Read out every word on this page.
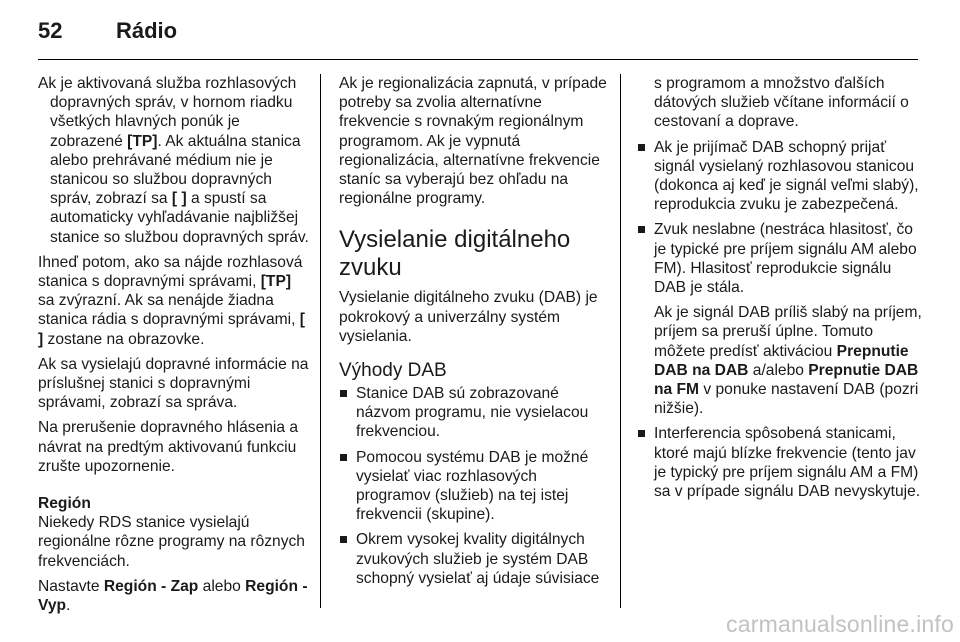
52 Rádio

Ak je aktivovaná služba rozhlasových dopravných správ, v hornom riadku všetkých hlavných ponúk je zobrazené [TP]. Ak aktuálna stanica alebo prehrávané médium nie je stanicou so službou dopravných správ, zobrazí sa [ ] a spustí sa automaticky vyhľadávanie najbližšej stanice so službou dopravných správ.

Ihneď potom, ako sa nájde rozhlasová stanica s dopravnými správami, [TP] sa zvýrazní. Ak sa nenájde žiadna stanica rádia s dopravnými správami, [ ] zostane na obrazovke.

Ak sa vysielajú dopravné informácie na príslušnej stanici s dopravnými správami, zobrazí sa správa.

Na prerušenie dopravného hlásenia a návrat na predtým aktivovanú funkciu zrušte upozornenie.

Región

Niekedy RDS stanice vysielajú regionálne rôzne programy na rôznych frekvenciách.

Nastavte Región - Zap alebo Región - Vyp.

Ak je regionalizácia zapnutá, v prípade potreby sa zvolia alternatívne frekvencie s rovnakým regionálnym programom. Ak je vypnutá regionalizácia, alternatívne frekvencie staníc sa vyberajú bez ohľadu na regionálne programy.

Vysielanie digitálneho zvuku

Vysielanie digitálneho zvuku (DAB) je pokrokový a univerzálny systém vysielania.

Výhody DAB
Stanice DAB sú zobrazované názvom programu, nie vysielacou frekvenciou.
Pomocou systému DAB je možné vysielať viac rozhlasových programov (služieb) na tej istej frekvencii (skupine).
Okrem vysokej kvality digitálnych zvukových služieb je systém DAB schopný vysielať aj údaje súvisiace

s programom a množstvo ďalších dátových služieb včítane informácií o cestovaní a doprave.

Ak je prijímač DAB schopný prijať signál vysielaný rozhlasovou stanicou (dokonca aj keď je signál veľmi slabý), reprodukcia zvuku je zabezpečená.
Zvuk neslabne (nestráca hlasitosť, čo je typické pre príjem signálu AM alebo FM). Hlasitosť reprodukcie signálu DAB je stála.

Ak je signál DAB príliš slabý na príjem, príjem sa preruší úplne. Tomuto môžete predísť aktiváciou Prepnutie DAB na DAB a/alebo Prepnutie DAB na FM v ponuke nastavení DAB (pozri nižšie).

Interferencia spôsobená stanicami, ktoré majú blízke frekvencie (tento jav je typický pre príjem signálu AM a FM) sa v prípade signálu DAB nevyskytuje.
carmanualsonline.info
